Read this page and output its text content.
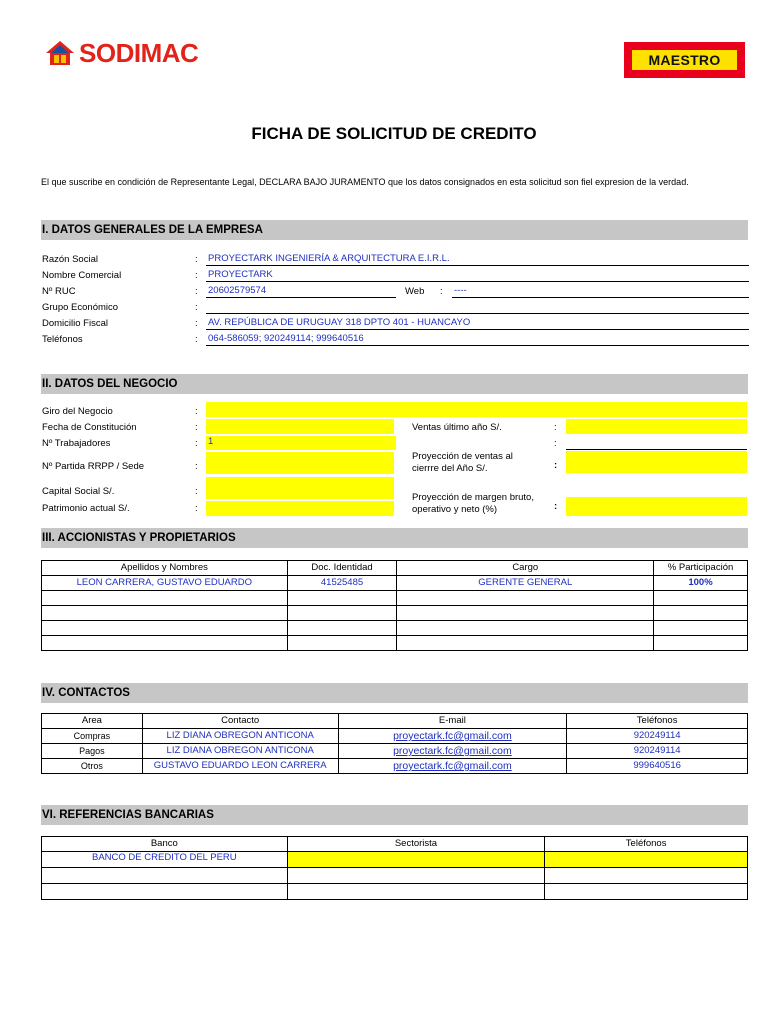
SODIMAC	MAESTRO
FICHA DE SOLICITUD DE CREDITO
El que suscribe en condición de Representante Legal, DECLARA BAJO JURAMENTO que los datos consignados en esta solicitud son fiel expresion de la verdad.
I. DATOS GENERALES DE LA EMPRESA
Razón Social	: PROYECTARK INGENIERÍA & ARQUITECTURA E.I.R.L.
Nombre Comercial	: PROYECTARK
Nº RUC	: 20602579574	Web : ----
Grupo Económico	:
Domicilio Fiscal	: AV. REPÚBLICA DE URUGUAY 318 DPTO 401 - HUANCAYO
Teléfonos	: 064-586059; 920249114; 999640516
II. DATOS DEL NEGOCIO
Giro del Negocio	:
Fecha de Constitución	:	Ventas último año S/.	:
Nº Trabajadores	: 1	:
Nº Partida RRPP / Sede	:
Proyección de ventas al cierrre del Año S/.	:
Capital Social S/.	:
Patrimonio actual S/.	:
Proyección de margen bruto, operativo y neto (%)	:
III. ACCIONISTAS Y PROPIETARIOS
Apellidos y Nombres	Doc. Identidad	Cargo	% Participación
LEON CARRERA, GUSTAVO EDUARDO	41525485	GERENTE GENERAL	100%

IV. CONTACTOS
Area	Contacto	E-mail	Teléfonos
Compras	LIZ DIANA OBREGON ANTICONA	proyectark.fc@gmail.com	920249114
Pagos	LIZ DIANA OBREGON ANTICONA	proyectark.fc@gmail.com	920249114
Otros	GUSTAVO EDUARDO LEON CARRERA	proyectark.fc@gmail.com	999640516
VI. REFERENCIAS BANCARIAS
Banco	Sectorista	Teléfonos
BANCO DE CREDITO DEL PERU		
